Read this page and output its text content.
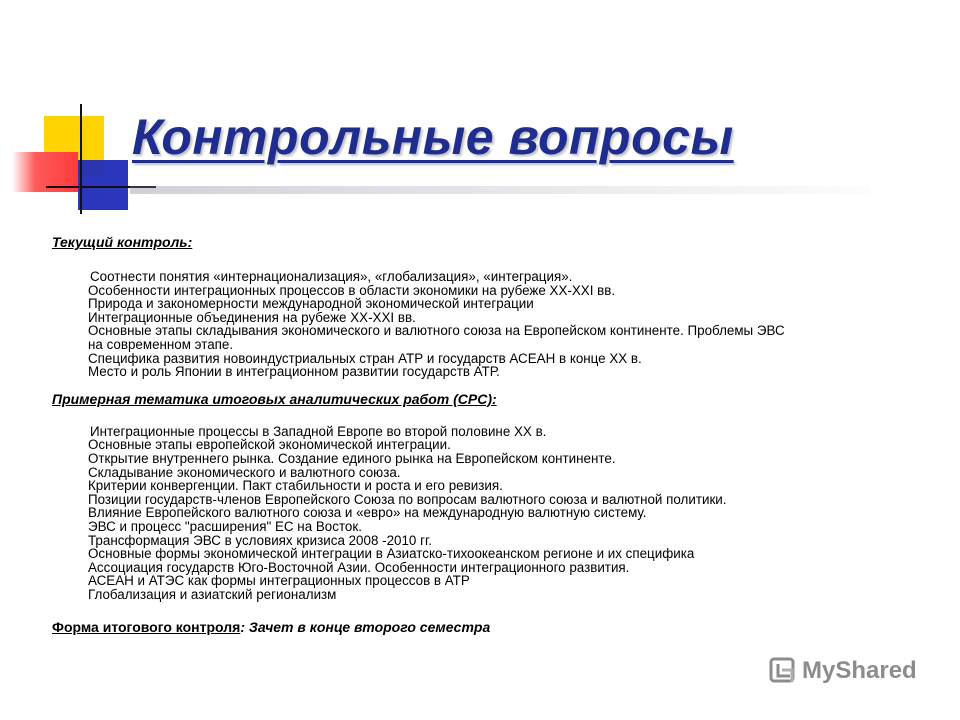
Контрольные вопросы

Текущий контроль:

Соотнести понятия «интернационализация», «глобализация», «интеграция».
Особенности интеграционных процессов в области экономики на рубеже XX-XXI вв.
Природа и закономерности международной экономической интеграции
Интеграционные объединения на рубеже XX-XXI вв.
Основные этапы складывания экономического и валютного союза на Европейском континенте. Проблемы ЭВС
на современном этапе.
Специфика развития новоиндустриальных стран АТР и государств АСЕАН в конце XX в.
Место и роль Японии в интеграционном развитии государств АТР.

Примерная тематика итоговых аналитических работ (СРС):

Интеграционные процессы в Западной Европе во второй половине XX в.
Основные этапы европейской экономической интеграции.
Открытие внутреннего рынка. Создание единого рынка на Европейском континенте.
Складывание экономического и валютного союза.
Критерии конвергенции. Пакт стабильности и роста и его ревизия.
Позиции государств-членов Европейского Союза по вопросам валютного союза и валютной политики.
Влияние Европейского валютного союза и «евро» на международную валютную систему.
ЭВС и процесс "расширения" ЕС на Восток.
Трансформация ЭВС в условиях кризиса 2008 -2010 гг.
Основные формы экономической интеграции в Азиатско-тихоокеанском регионе и их специфика
Ассоциация государств Юго-Восточной Азии. Особенности интеграционного развития.
АСЕАН и АТЭС как формы интеграционных процессов в АТР
Глобализация и азиатский регионализм
Форма итогового контроля: Зачет в конце второго семестра
MyShared
